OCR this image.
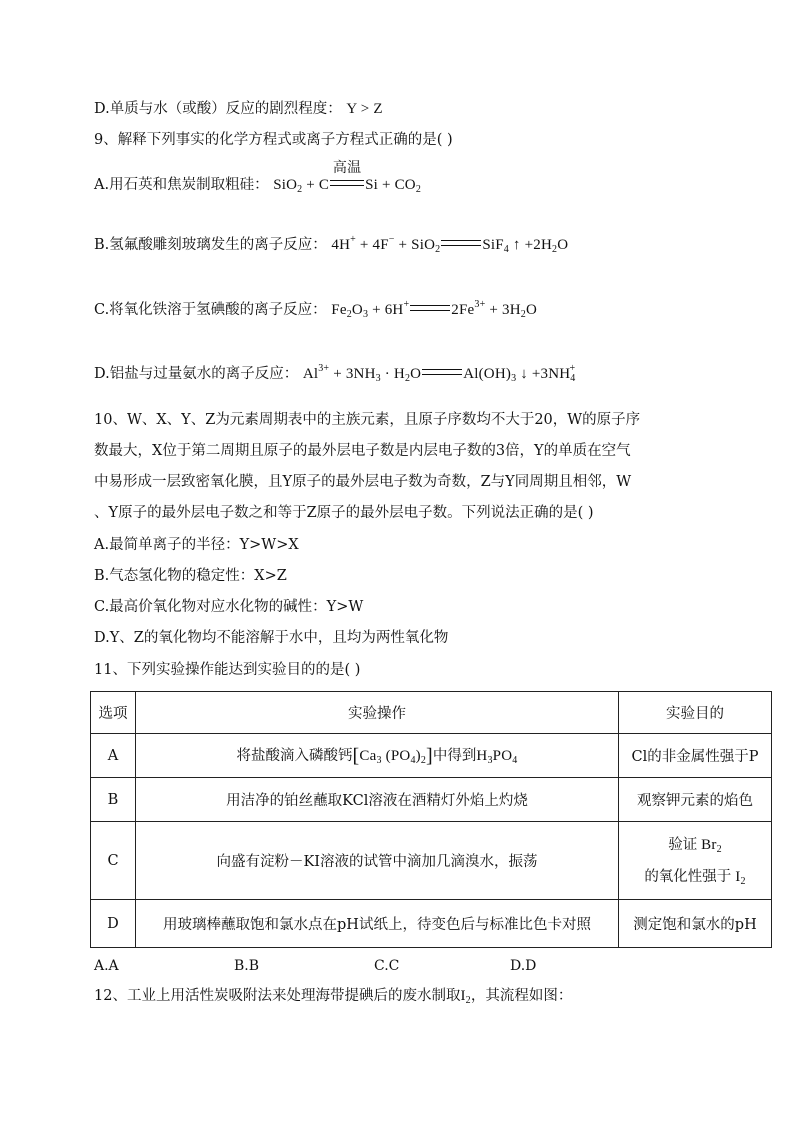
D.单质与水（或酸）反应的剧烈程度： Y > Z
9、解释下列事实的化学方程式或离子方程式正确的是( )
A.用石英和焦炭制取粗硅： SiO$_2$ + C
高温
$Si + CO_2$
B.氢氟酸雕刻玻璃发生的离子反应： 4H+ + 4F− + SiO$_2$	SiF$_4$ ↑ $+2H_2O$
C.将氧化铁溶于氢碘酸的离子反应： $Fe_2O_3 + 6H^+$	$2Fe^{3+} + 3H_2O$
D.铝盐与过量氨水的离子反应： $Al^{3+} + 3NH_3 \cdot H_2O$	$Al(OH)_3$ ↓ $+3NH_4^+$
10、W、X、Y、Z为元素周期表中的主族元素，且原子序数均不大于20，W的原子序
数最大，X位于第二周期且原子的最外层电子数是内层电子数的3倍，Y的单质在空气
中易形成一层致密氧化膜，且Y原子的最外层电子数为奇数，Z与Y同周期且相邻，W
、Y原子的最外层电子数之和等于Z原子的最外层电子数。下列说法正确的是( )
A.最简单离子的半径：Y>W>X
B.气态氢化物的稳定性：X>Z
C.最高价氧化物对应水化物的碱性：Y>W
D.Y、Z的氧化物均不能溶解于水中，且均为两性氧化物
11、下列实验操作能达到实验目的的是( )
选项	实验操作	实验目的
A	将盐酸滴入磷酸钙[$Ca_3$ $(PO_4)_2$]中得到$H_3PO_4$	Cl的非金属性强于P
B	用洁净的铂丝蘸取KCl溶液在酒精灯外焰上灼烧	观察钾元素的焰色
C	向盛有淀粉－KI溶液的试管中滴加几滴溴水，振荡	验证 $Br_2$
的氧化性强于 $I_2$

D	用玻璃棒蘸取饱和氯水点在pH试纸上，待变色后与标准比色卡对照	测定饱和氯水的pH
A.A	B.B	C.C	D.D
12、工业上用活性炭吸附法来处理海带提碘后的废水制取$I_2$，其流程如图：
